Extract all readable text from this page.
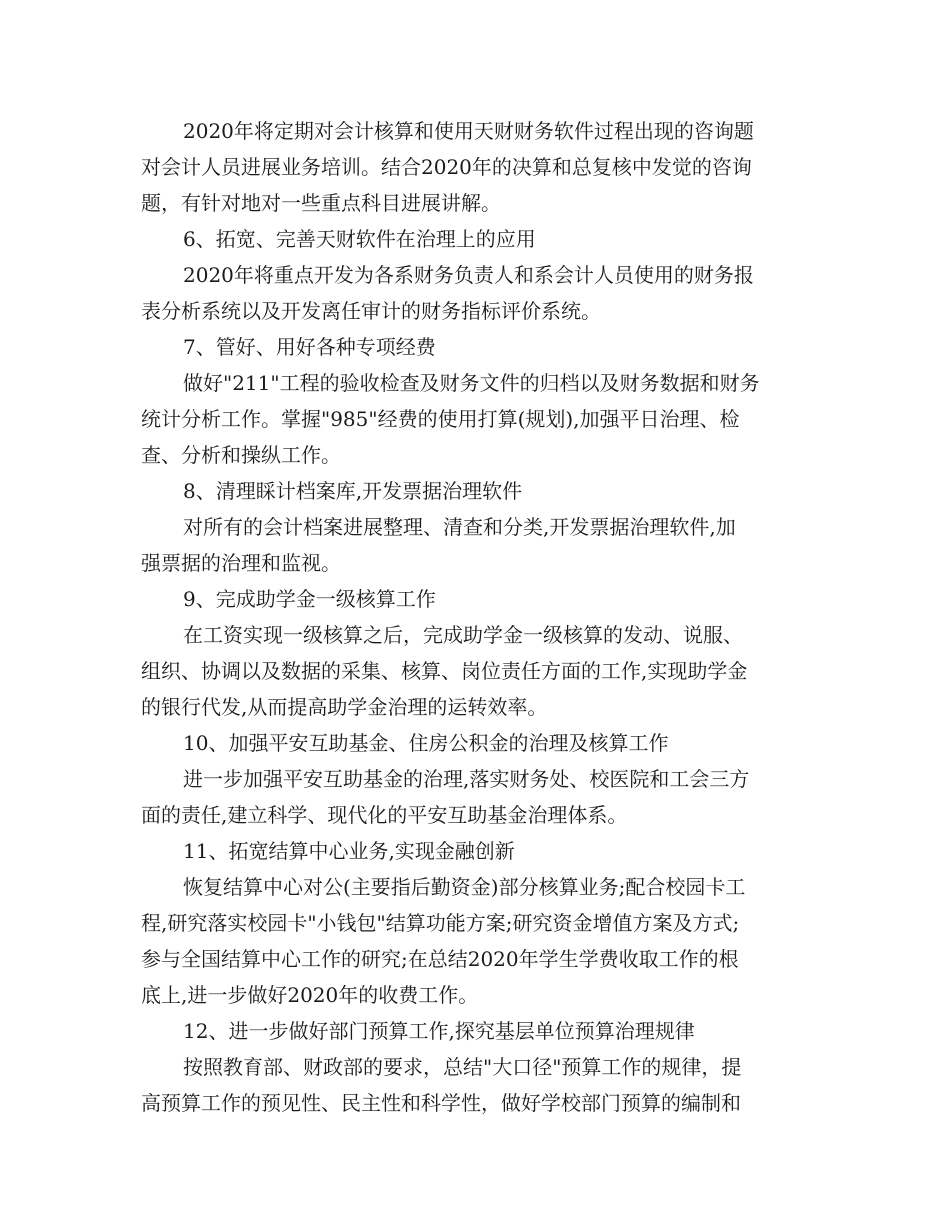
2020年将定期对会计核算和使用天财财务软件过程出现的咨询题
对会计人员进展业务培训。结合2020年的决算和总复核中发觉的咨询
题，有针对地对一些重点科目进展讲解。
6、拓宽、完善天财软件在治理上的应用
2020年将重点开发为各系财务负责人和系会计人员使用的财务报
表分析系统以及开发离任审计的财务指标评价系统。
7、管好、用好各种专项经费
做好"211"工程的验收检查及财务文件的归档以及财务数据和财务
统计分析工作。掌握"985"经费的使用打算(规划),加强平日治理、检
查、分析和操纵工作。
8、清理睬计档案库,开发票据治理软件
对所有的会计档案进展整理、清查和分类,开发票据治理软件,加
强票据的治理和监视。
9、完成助学金一级核算工作
在工资实现一级核算之后，完成助学金一级核算的发动、说服、
组织、协调以及数据的采集、核算、岗位责任方面的工作,实现助学金
的银行代发,从而提高助学金治理的运转效率。
10、加强平安互助基金、住房公积金的治理及核算工作
进一步加强平安互助基金的治理,落实财务处、校医院和工会三方
面的责任,建立科学、现代化的平安互助基金治理体系。
11、拓宽结算中心业务,实现金融创新
恢复结算中心对公(主要指后勤资金)部分核算业务;配合校园卡工
程,研究落实校园卡"小钱包"结算功能方案;研究资金增值方案及方式;
参与全国结算中心工作的研究;在总结2020年学生学费收取工作的根
底上,进一步做好2020年的收费工作。
12、进一步做好部门预算工作,探究基层单位预算治理规律
按照教育部、财政部的要求，总结"大口径"预算工作的规律，提
高预算工作的预见性、民主性和科学性，做好学校部门预算的编制和
